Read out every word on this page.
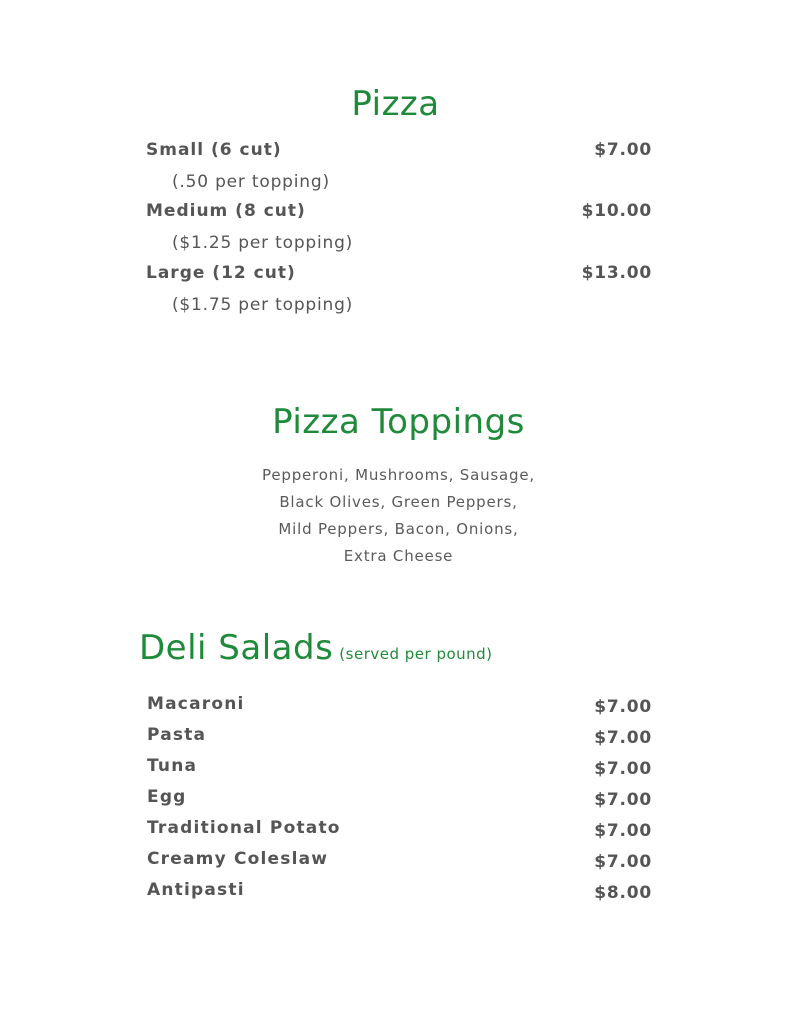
Pizza
Small (6 cut)	$7.00
(.50 per topping)
Medium (8 cut)	$10.00
($1.25 per topping)
Large (12 cut)	$13.00
($1.75 per topping)
Pizza Toppings
Pepperoni, Mushrooms, Sausage,
Black Olives, Green Peppers,
Mild Peppers, Bacon, Onions,
Extra Cheese
Deli Salads (served per pound)
Macaroni	$7.00
Pasta	$7.00
Tuna	$7.00
Egg	$7.00
Traditional Potato	$7.00
Creamy Coleslaw	$7.00
Antipasti	$8.00
